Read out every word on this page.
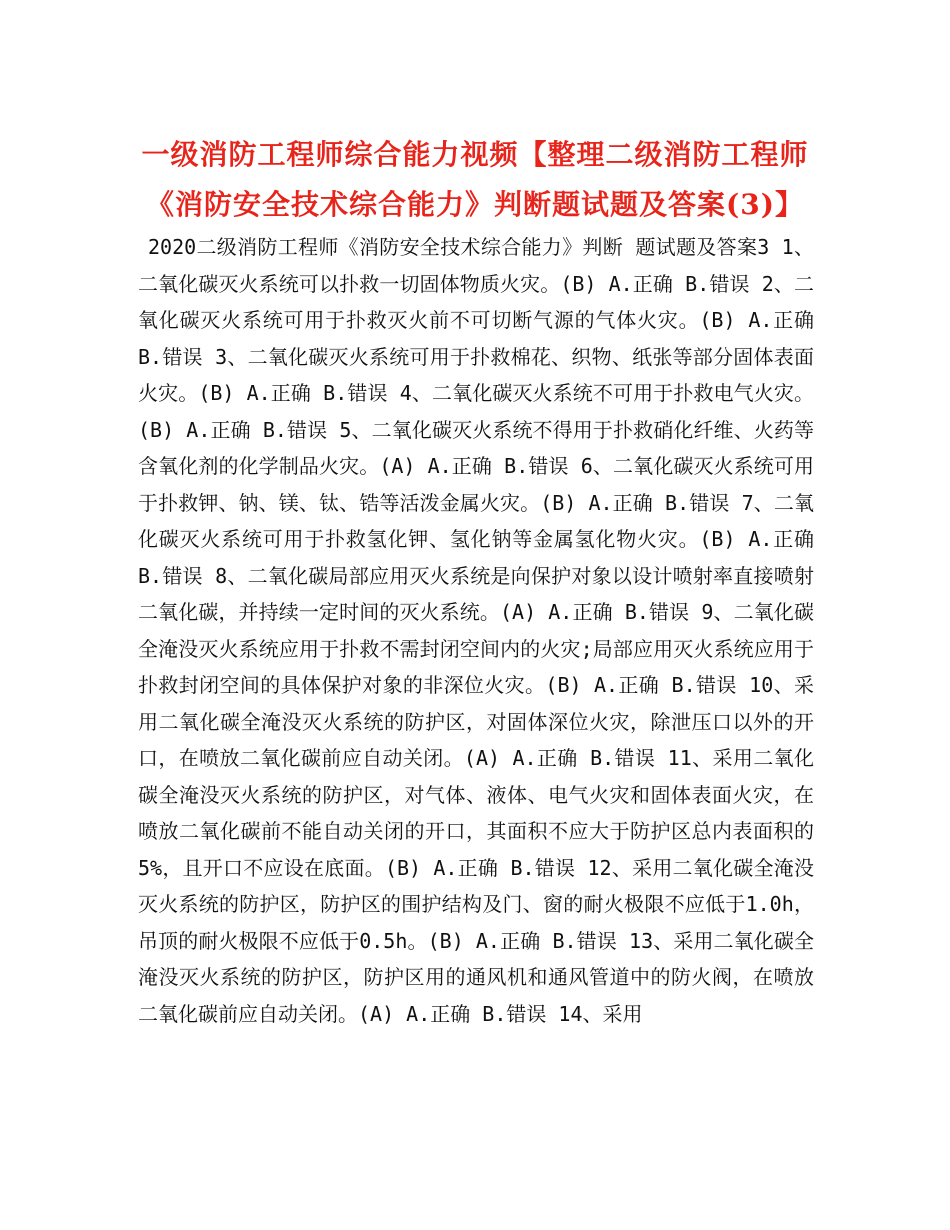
一级消防工程师综合能力视频【整理二级消防工程师《消防安全技术综合能力》判断题试题及答案(3)】

2020二级消防工程师《消防安全技术综合能力》判断 题试题及答案3 1、二氧化碳灭火系统可以扑救一切固体物质火灾。(B) A.正确 B.错误 2、二氧化碳灭火系统可用于扑救灭火前不可切断气源的气体火灾。(B) A.正确 B.错误 3、二氧化碳灭火系统可用于扑救棉花、织物、纸张等部分固体表面火灾。(B) A.正确 B.错误 4、二氧化碳灭火系统不可用于扑救电气火灾。(B) A.正确 B.错误 5、二氧化碳灭火系统不得用于扑救硝化纤维、火药等含氧化剂的化学制品火灾。(A) A.正确 B.错误 6、二氧化碳灭火系统可用于扑救钾、钠、镁、钛、锆等活泼金属火灾。(B) A.正确 B.错误 7、二氧化碳灭火系统可用于扑救氢化钾、氢化钠等金属氢化物火灾。(B) A.正确 B.错误 8、二氧化碳局部应用灭火系统是向保护对象以设计喷射率直接喷射二氧化碳，并持续一定时间的灭火系统。(A) A.正确 B.错误 9、二氧化碳全淹没灭火系统应用于扑救不需封闭空间内的火灾;局部应用灭火系统应用于扑救封闭空间的具体保护对象的非深位火灾。(B) A.正确 B.错误 10、采用二氧化碳全淹没灭火系统的防护区，对固体深位火灾，除泄压口以外的开口，在喷放二氧化碳前应自动关闭。(A) A.正确 B.错误 11、采用二氧化碳全淹没灭火系统的防护区，对气体、液体、电气火灾和固体表面火灾，在喷放二氧化碳前不能自动关闭的开口，其面积不应大于防护区总内表面积的5%，且开口不应设在底面。(B) A.正确 B.错误 12、采用二氧化碳全淹没灭火系统的防护区，防护区的围护结构及门、窗的耐火极限不应低于1.0h，吊顶的耐火极限不应低于0.5h。(B) A.正确 B.错误 13、采用二氧化碳全淹没灭火系统的防护区，防护区用的通风机和通风管道中的防火阀，在喷放二氧化碳前应自动关闭。(A) A.正确 B.错误 14、采用
